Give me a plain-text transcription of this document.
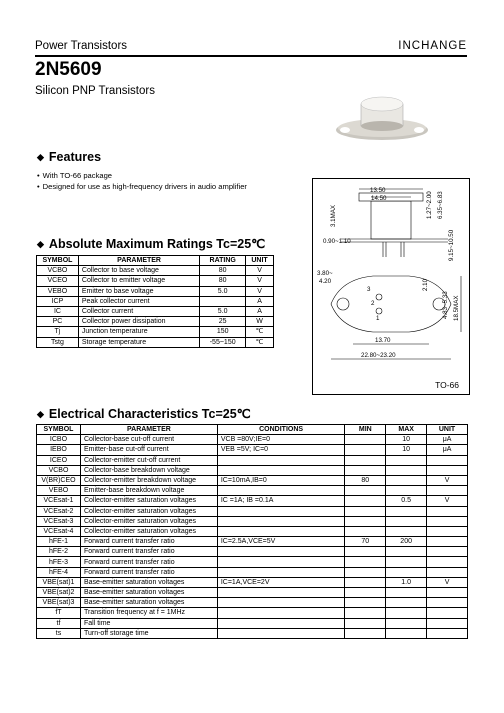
Power Transistors	INCHANGE
2N5609
Silicon PNP Transistors
◆ Features
• With TO-66 package
• Designed for use as high-frequency drivers in audio amplifier
◆ Absolute Maximum Ratings Tc=25℃
SYMBOL	PARAMETER	RATING	UNIT
VCBO	Collector to base voltage	80	V
VCEO	Collector to emitter voltage	80	V
VEBO	Emitter to base voltage	5.0	V
ICP	Peak collector current		A
IC	Collector current	5.0	A
PC	Collector power dissipation	25	W
Tj	Junction temperature	150	℃
Tstg	Storage temperature	-55~150	℃
13.50
14.50
3.1MAX	1.27~2.00 6.35~6.83
0.90~1.10	9.15~10.50
3.80~
4.20
3
2
1
2.10
4.83~5.33 18.5MAX
13.70
22.80~23.20
TO-66
◆ Electrical Characteristics Tc=25℃
SYMBOL	PARAMETER	CONDITIONS	MIN	MAX	UNIT
ICBO	Collector-base cut-off current	VCB =80V;IE=0		10	μA
IEBO	Emitter-base cut-off current	VEB =5V; IC=0		10	μA
ICEO	Collector-emitter cut-off current				
VCBO	Collector-base breakdown voltage				
V(BR)CEO	Collector-emitter breakdown voltage	IC=10mA,IB=0	80		V
VEBO	Emitter-base breakdown voltage				
VCEsat-1	Collector-emitter saturation voltages	IC =1A; IB =0.1A		0.5	V
VCEsat-2	Collector-emitter saturation voltages				
VCEsat-3	Collector-emitter saturation voltages				
VCEsat-4	Collector-emitter saturation voltages				
hFE-1	Forward current transfer ratio	IC=2.5A,VCE=5V	70	200	
hFE-2	Forward current transfer ratio				
hFE-3	Forward current transfer ratio				
hFE-4	Forward current transfer ratio				
VBE(sat)1	Base-emitter saturation voltages	IC=1A,VCE=2V		1.0	V
VBE(sat)2	Base-emitter saturation voltages				
VBE(sat)3	Base-emitter saturation voltages				
fT	Transition frequency at f = 1MHz				
tf	Fall time				
ts	Turn-off storage time				
